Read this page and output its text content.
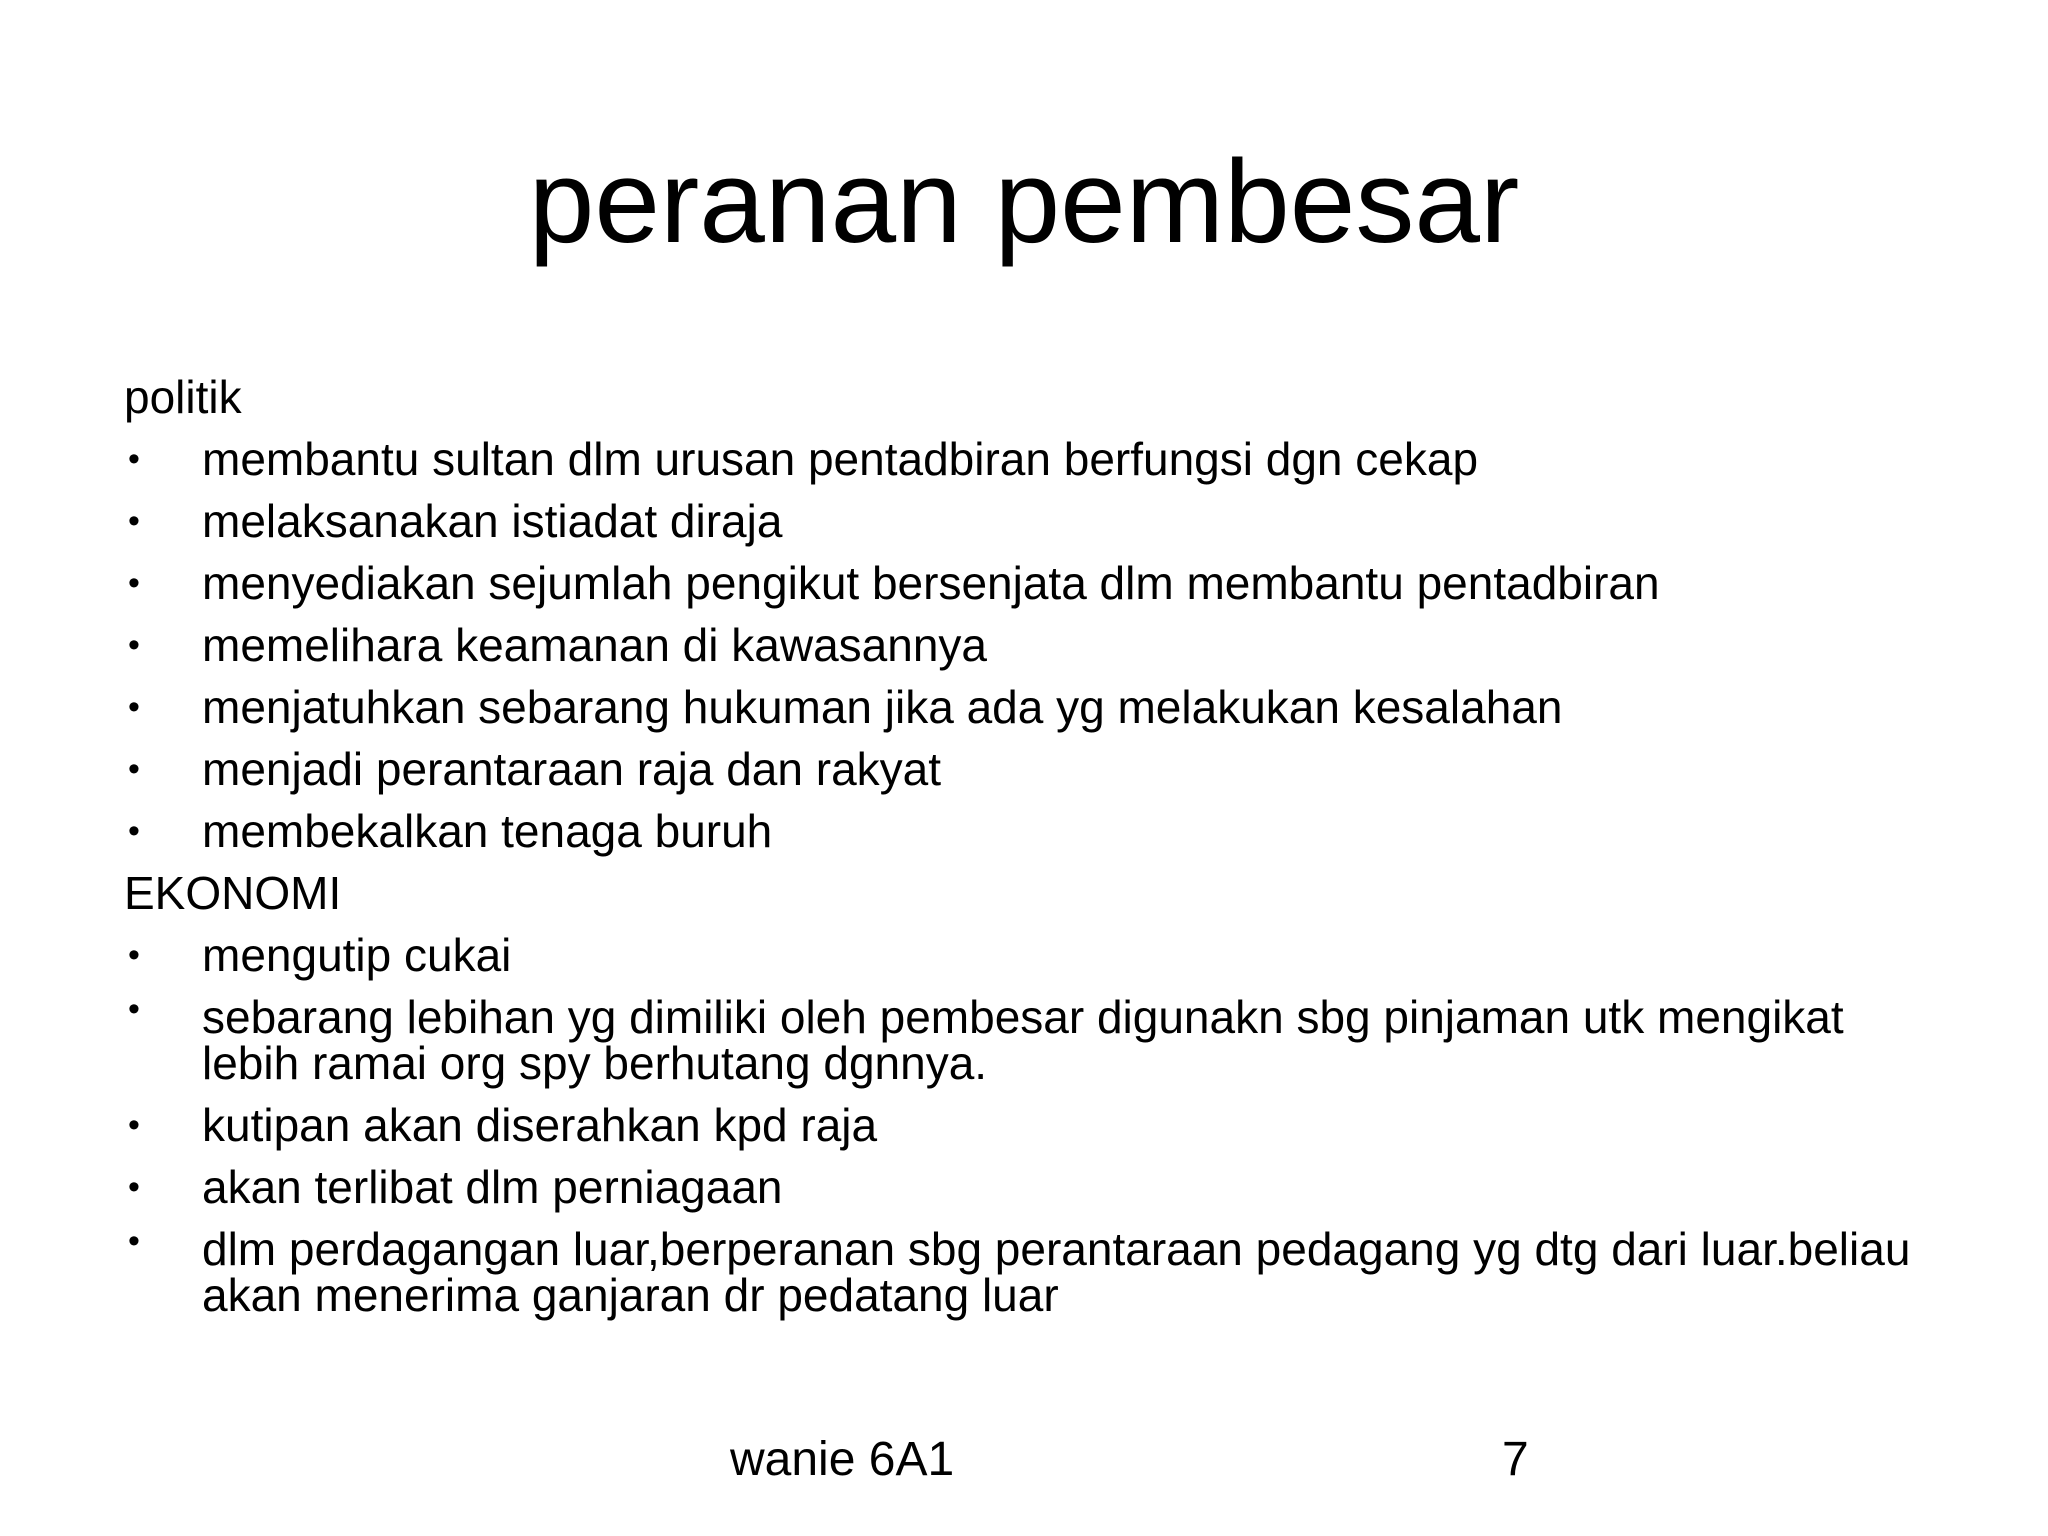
peranan pembesar
politik
• membantu sultan dlm urusan pentadbiran berfungsi dgn cekap
• melaksanakan istiadat diraja
• menyediakan sejumlah pengikut bersenjata dlm membantu pentadbiran
• memelihara keamanan di kawasannya
• menjatuhkan sebarang hukuman jika ada yg melakukan kesalahan
• menjadi perantaraan raja dan rakyat
• membekalkan tenaga buruh
EKONOMI
• mengutip cukai
• sebarang lebihan yg dimiliki oleh pembesar digunakn sbg pinjaman utk mengikat lebih ramai org spy berhutang dgnnya.
• kutipan akan diserahkan kpd raja
• akan terlibat dlm perniagaan
• dlm perdagangan luar,berperanan sbg perantaraan pedagang yg dtg dari luar.beliau akan menerima ganjaran dr pedatang luar
wanie 6A1	7
